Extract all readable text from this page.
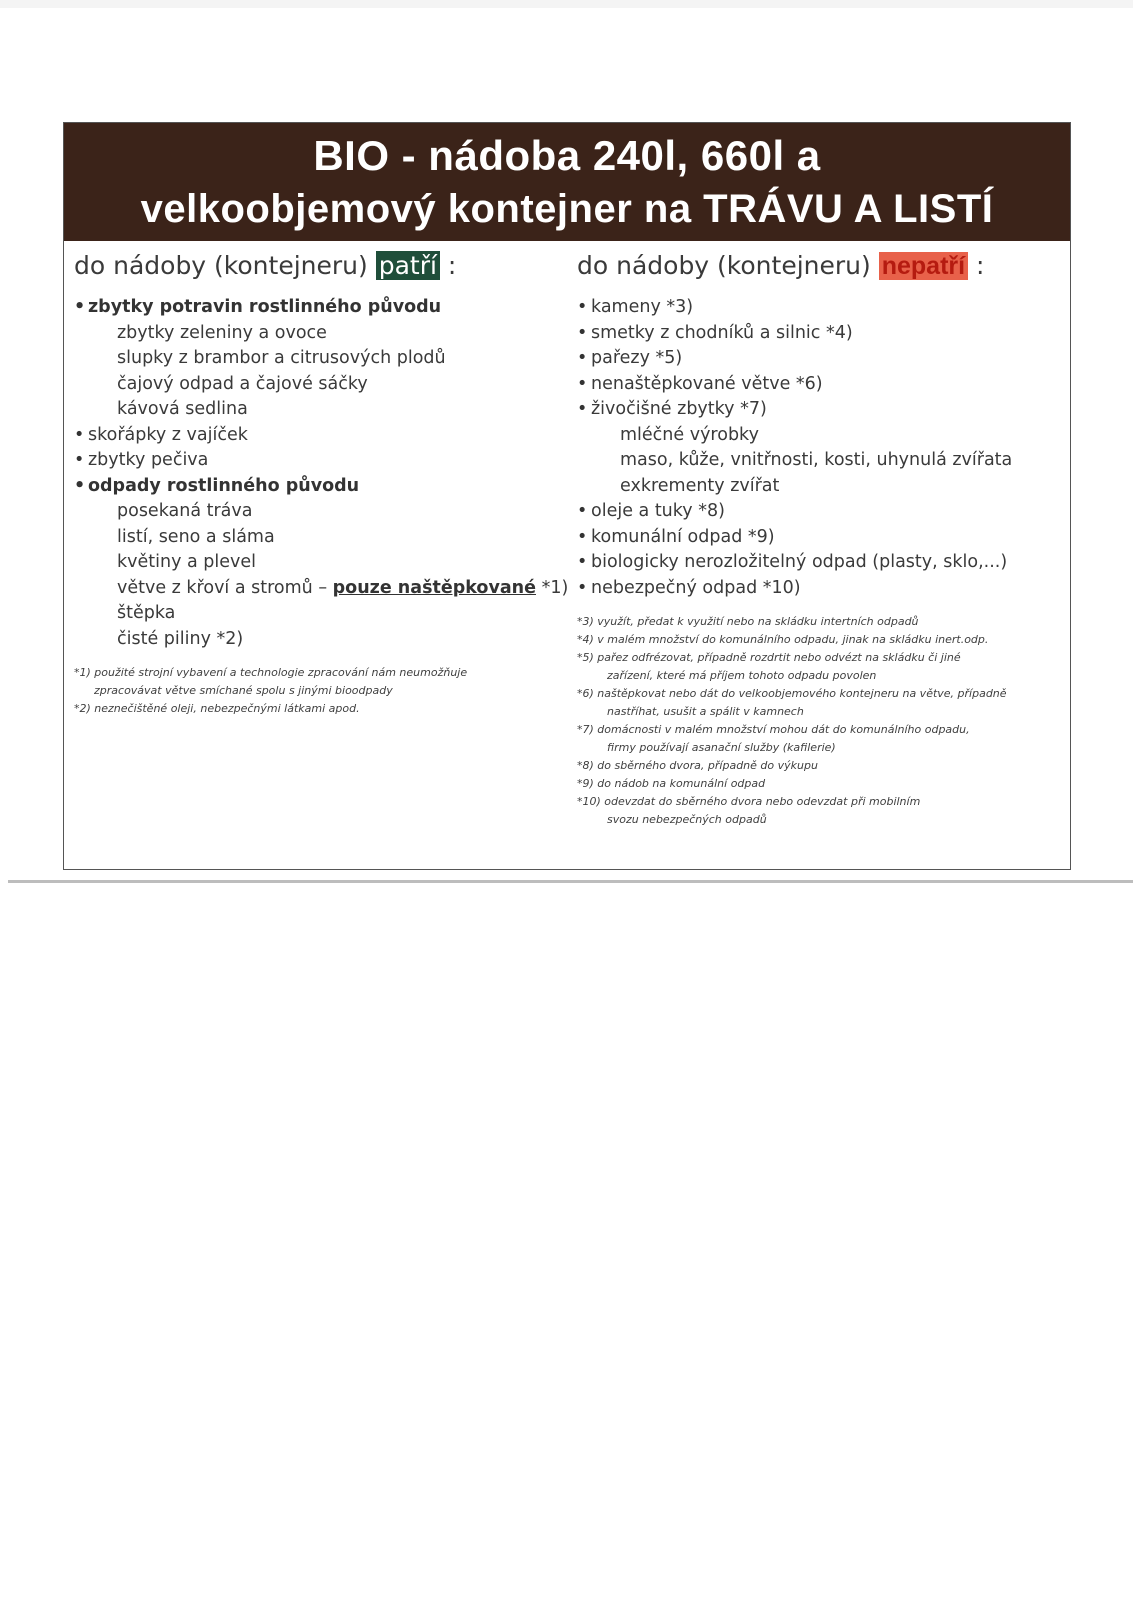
BIO - nádoba 240l, 660l a
velkoobjemový kontejner na TRÁVU A LISTÍ
do nádoby (kontejneru) patří :
• zbytky potravin rostlinného původu
zbytky zeleniny a ovoce
slupky z brambor a citrusových plodů
čajový odpad a čajové sáčky
kávová sedlina
• skořápky z vajíček
• zbytky pečiva
• odpady rostlinného původu
posekaná tráva
listí, seno a sláma
květiny a plevel
větve z křoví a stromů – pouze naštěpkované *1)
štěpka
čisté piliny *2)
*1) použité strojní vybavení a technologie zpracování nám neumožňuje
zpracovávat větve smíchané spolu s jinými bioodpady
*2) neznečištěné oleji, nebezpečnými látkami apod.
do nádoby (kontejneru) nepatří :
• kameny *3)
• smetky z chodníků a silnic *4)
• pařezy *5)
• nenaštěpkované větve *6)
• živočišné zbytky *7)
mléčné výrobky
maso, kůže, vnitřnosti, kosti, uhynulá zvířata
exkrementy zvířat
• oleje a tuky *8)
• komunální odpad *9)
• biologicky nerozložitelný odpad (plasty, sklo,...)
• nebezpečný odpad *10)
*3) využít, předat k využití nebo na skládku intertních odpadů
*4) v malém množství do komunálního odpadu, jinak na skládku inert.odp.
*5) pařez odfrézovat, případně rozdrtit nebo odvézt na skládku či jiné
zařízení, které má příjem tohoto odpadu povolen
*6) naštěpkovat nebo dát do velkoobjemového kontejneru na větve, případně
nastříhat, usušit a spálit v kamnech
*7) domácnosti v malém množství mohou dát do komunálního odpadu,
firmy používají asanační služby (kafilerie)
*8) do sběrného dvora, případně do výkupu
*9) do nádob na komunální odpad
*10) odevzdat do sběrného dvora nebo odevzdat při mobilním
svozu nebezpečných odpadů
